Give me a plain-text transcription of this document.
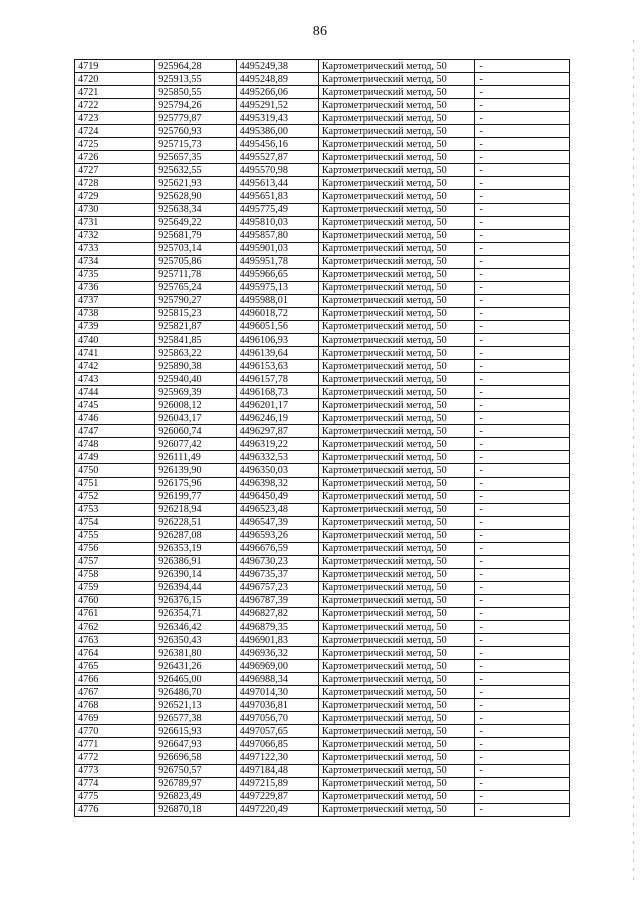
86
4719	925964,28	4495249,38	Картометрический метод, 50	-
4720	925913,55	4495248,89	Картометрический метод, 50	-
4721	925850,55	4495266,06	Картометрический метод, 50	-
4722	925794,26	4495291,52	Картометрический метод, 50	-
4723	925779,87	4495319,43	Картометрический метод, 50	-
4724	925760,93	4495386,00	Картометрический метод, 50	-
4725	925715,73	4495456,16	Картометрический метод, 50	-
4726	925657,35	4495527,87	Картометрический метод, 50	-
4727	925632,55	4495570,98	Картометрический метод, 50	-
4728	925621,93	4495613,44	Картометрический метод, 50	-
4729	925628,90	4495651,83	Картометрический метод, 50	-
4730	925638,34	4495775,49	Картометрический метод, 50	-
4731	925649,22	4495810,03	Картометрический метод, 50	-
4732	925681,79	4495857,80	Картометрический метод, 50	-
4733	925703,14	4495901,03	Картометрический метод, 50	-
4734	925705,86	4495951,78	Картометрический метод, 50	-
4735	925711,78	4495966,65	Картометрический метод, 50	-
4736	925765,24	4495975,13	Картометрический метод, 50	-
4737	925790,27	4495988,01	Картометрический метод, 50	-
4738	925815,23	4496018,72	Картометрический метод, 50	-
4739	925821,87	4496051,56	Картометрический метод, 50	-
4740	925841,85	4496106,93	Картометрический метод, 50	-
4741	925863,22	4496139,64	Картометрический метод, 50	-
4742	925890,38	4496153,63	Картометрический метод, 50	-
4743	925940,40	4496157,78	Картометрический метод, 50	-
4744	925969,39	4496168,73	Картометрический метод, 50	-
4745	926008,12	4496201,17	Картометрический метод, 50	-
4746	926043,17	4496246,19	Картометрический метод, 50	-
4747	926060,74	4496297,87	Картометрический метод, 50	-
4748	926077,42	4496319,22	Картометрический метод, 50	-
4749	926111,49	4496332,53	Картометрический метод, 50	-
4750	926139,90	4496350,03	Картометрический метод, 50	-
4751	926175,96	4496398,32	Картометрический метод, 50	-
4752	926199,77	4496450,49	Картометрический метод, 50	-
4753	926218,94	4496523,48	Картометрический метод, 50	-
4754	926228,51	4496547,39	Картометрический метод, 50	-
4755	926287,08	4496593,26	Картометрический метод, 50	-
4756	926353,19	4496676,59	Картометрический метод, 50	-
4757	926386,91	4496730,23	Картометрический метод, 50	-
4758	926390,14	4496735,37	Картометрический метод, 50	-
4759	926394,44	4496757,23	Картометрический метод, 50	-
4760	926376,15	4496787,39	Картометрический метод, 50	-
4761	926354,71	4496827,82	Картометрический метод, 50	-
4762	926346,42	4496879,35	Картометрический метод, 50	-
4763	926350,43	4496901,83	Картометрический метод, 50	-
4764	926381,80	4496936,32	Картометрический метод, 50	-
4765	926431,26	4496969,00	Картометрический метод, 50	-
4766	926465,00	4496988,34	Картометрический метод, 50	-
4767	926486,70	4497014,30	Картометрический метод, 50	-
4768	926521,13	4497036,81	Картометрический метод, 50	-
4769	926577,38	4497056,70	Картометрический метод, 50	-
4770	926615,93	4497057,65	Картометрический метод, 50	-
4771	926647,93	4497066,85	Картометрический метод, 50	-
4772	926696,58	4497122,30	Картометрический метод, 50	-
4773	926750,57	4497184,48	Картометрический метод, 50	-
4774	926789,97	4497215,89	Картометрический метод, 50	-
4775	926823,49	4497229,87	Картометрический метод, 50	-
4776	926870,18	4497220,49	Картометрический метод, 50	-
